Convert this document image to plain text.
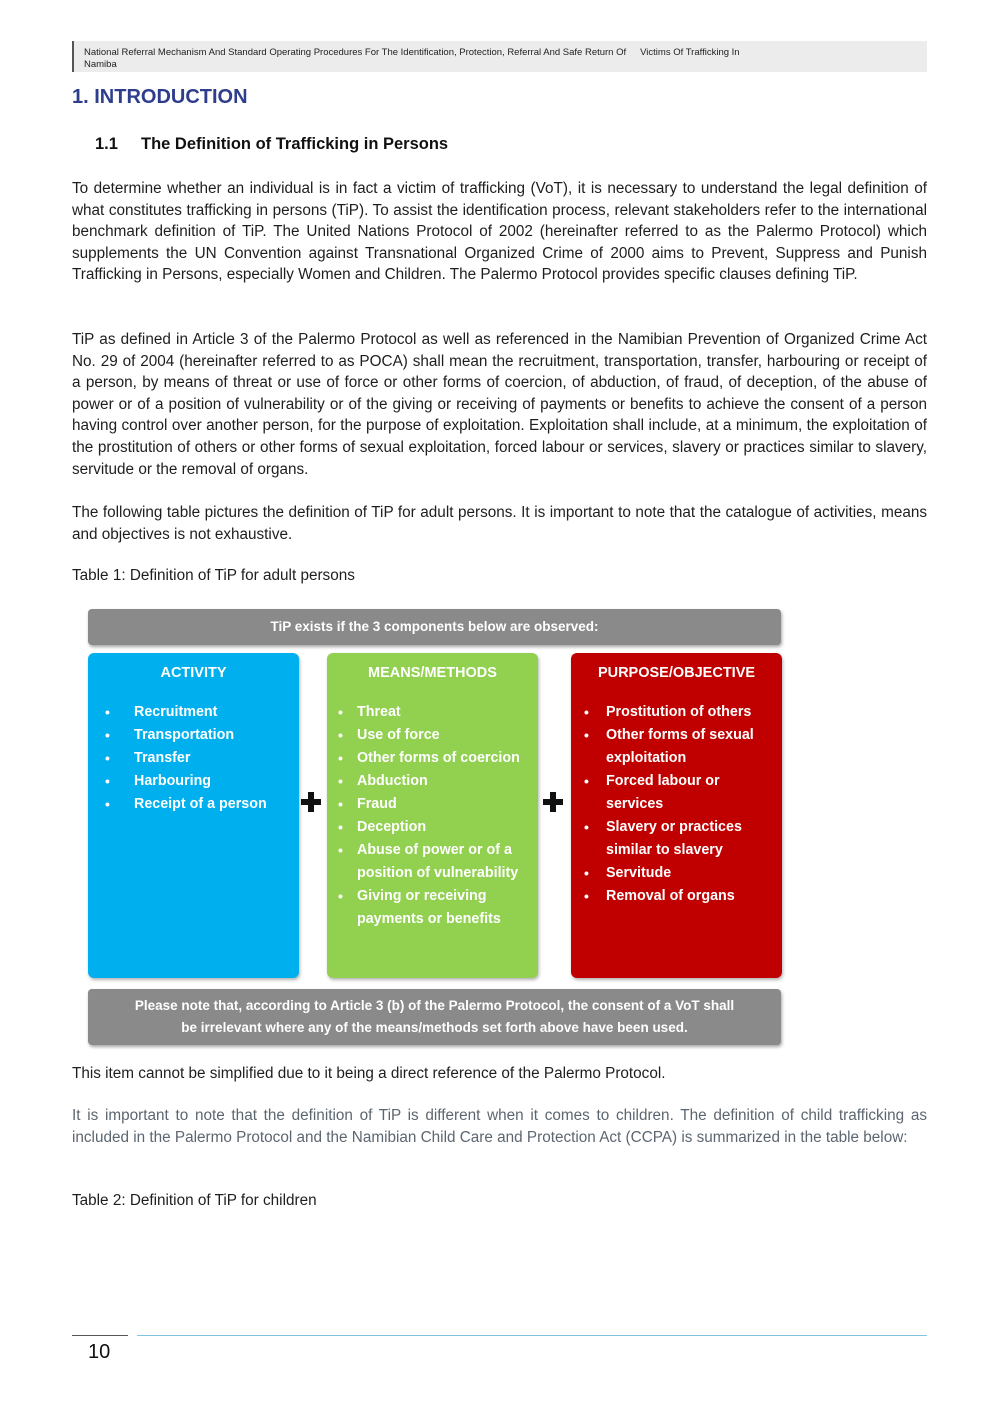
National Referral Mechanism And Standard Operating Procedures For The Identification, Protection, Referral And Safe Return Of Victims Of Trafficking In
Namiba
1. INTRODUCTION
1.1 The Definition of Trafficking in Persons

To determine whether an individual is in fact a victim of trafficking (VoT), it is necessary to understand the legal definition of what constitutes trafficking in persons (TiP). To assist the identification process, relevant stakeholders refer to the international benchmark definition of TiP. The United Nations Protocol of 2002 (hereinafter referred to as the Palermo Protocol) which supplements the UN Convention against Transnational Organized Crime of 2000 aims to Prevent, Suppress and Punish Trafficking in Persons, especially Women and Children. The Palermo Protocol provides specific clauses defining TiP.

TiP as defined in Article 3 of the Palermo Protocol as well as referenced in the Namibian Prevention of Organized Crime Act No. 29 of 2004 (hereinafter referred to as POCA) shall mean the recruitment, transportation, transfer, harbouring or receipt of a person, by means of threat or use of force or other forms of coercion, of abduction, of fraud, of deception, of the abuse of power or of a position of vulnerability or of the giving or receiving of payments or benefits to achieve the consent of a person having control over another person, for the purpose of exploitation. Exploitation shall include, at a minimum, the exploitation of the prostitution of others or other forms of sexual exploitation, forced labour or services, slavery or practices similar to slavery, servitude or the removal of organs.

The following table pictures the definition of TiP for adult persons. It is important to note that the catalogue of activities, means and objectives is not exhaustive.

Table 1: Definition of TiP for adult persons

TiP exists if the 3 components below are observed:
ACTIVITY
• Recruitment
• Transportation
• Transfer
• Harbouring
• Receipt of a person
MEANS/METHODS
• Threat
• Use of force
• Other forms of coercion
• Abduction
• Fraud
• Deception
• Abuse of power or of a position of vulnerability
• Giving or receiving payments or benefits
PURPOSE/OBJECTIVE
• Prostitution of others
• Other forms of sexual exploitation
• Forced labour or services
• Slavery or practices similar to slavery
• Servitude
• Removal of organs
Please note that, according to Article 3 (b) of the Palermo Protocol, the consent of a VoT shall
be irrelevant where any of the means/methods set forth above have been used.

This item cannot be simplified due to it being a direct reference of the Palermo Protocol.

It is important to note that the definition of TiP is different when it comes to children. The definition of child trafficking as included in the Palermo Protocol and the Namibian Child Care and Protection Act (CCPA) is summarized in the table below:

Table 2: Definition of TiP for children

10
